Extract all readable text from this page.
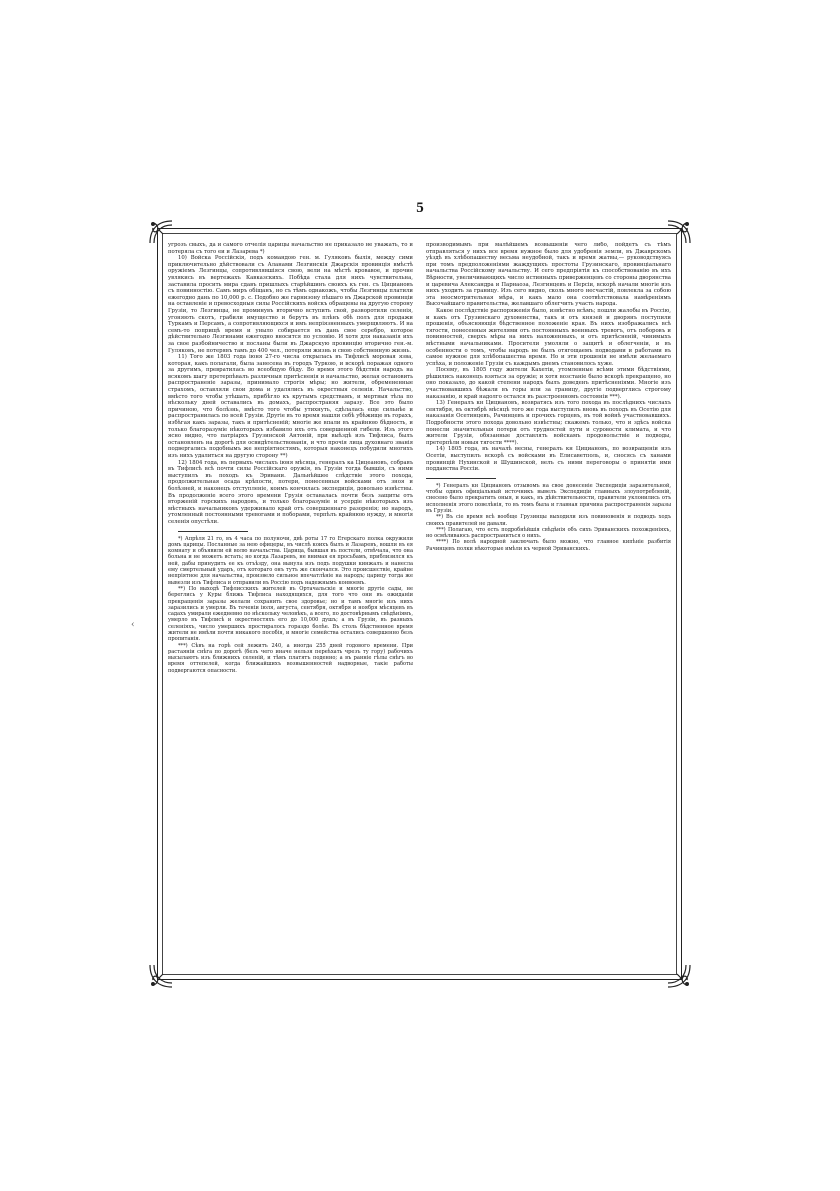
5

угрозъ свыхъ, да и самого отчелія царицы начальство не приказало не уважать, то и потеряла съ того еи и Лазарева *)

10) Войска Россійскія, подъ командою ген. м. Гуляковъ былія, между сими приключительно дѣйствовали съ Аланами Лезгинскія Джарскія провинція вмѣстѣ оружіемъ Лезгинцы, сопротивлявшіяся свою, вели на мѣстѣ кровавое, и прочие увлякись въ вертежахъ Кавказскихъ. Побѣда стала для нихъ чувствительна, заставила просить мира сдавъ пришлыхъ старѣйшинъ своихъ къ ген. съ Цициановъ съ повинностію. Самъ миръ обіщанъ, но съ тѣмъ однакожъ, чтобы Лезгинцы платили ежегодно дань по 10,000 р. с. Подобно же гарнизону пѣшаго въ Джарской провинціи на оставленіе и превосходныя силы Россійскихъ войскъ обращены на другую сторону Грузіи, то Лезгинцы, не проминувъ вторично вступить свой, разворотили селенія, угоняють скотъ, грабили имущество и берутъ въ плѣнъ обѣ полъ для продажи Туркамъ и Персамъ, а сопротивляющихся и имъ непріязненныхъ умерщвляютъ. И на семъ-то поприщѣ время и уныло собирается въ дань свое серебро, которое дѣйствительно Лезгинами ежегодно вносится по условію. И хотя для наказанія ихъ за свое разбойничество и посланы были въ Джарскую провинцію вторично ген.-м. Гуляковъ, не потерявъ тамъ до 400 чел., потеряли жизнь и свою собственную жизнь.

11) Того же 1803 года іюня 27-го числа открылась въ Тифлисѣ моровая язва, которая, какъ полагали, была занесена въ городъ Туркою, и вскорѣ поражая одного за другимъ, превратилась во всеобщую бѣду. Во время этого бѣдствія народъ на всякомъ шагу претерпѣвалъ различныя притѣсненія и начальство, желая остановить распространеніе заразы, принимало строгія мѣры; но жители, обремененные страхомъ, оставляли свои дома и удалялись въ окрестныя селенія. Начальство, вмѣсто того чтобы утѣшать, прибѣгло къ крутымъ средствамъ, и мертвыя тѣла по нѣскольку дней оставались въ домахъ, распространяя заразу. Все это было причиною, что болѣзнь, вмѣсто того чтобы утихнуть, сдѣлалась еще сильнѣе и распространилась по всей Грузіи. Другіе въ то время нашли себѣ убѣжище въ горахъ, избѣгая какъ заразы, такъ и притѣсненій; многіе же впали въ крайнюю бѣдность, и только благоразуміе нѣкоторыхъ избавило ихъ отъ совершенной гибели. Изъ этого ясно видно, что патріархъ Грузинской Антоній, при выѣздѣ изъ Тифлиса, былъ остановленъ на дорогѣ для освидѣтельствованія, и что прочія лица духовнаго званія подвергались подобнымъ же непріятностямъ, которыя наконецъ побудили многихъ изъ нихъ удалиться на другую сторону **)

12) 1804 года, въ первыхъ числахъ іюня мѣсяца, генералъ ка Цицеановъ, собравъ въ Тифлисѣ всѣ почти силы Россійскаго оружія, въ Грузіи тогда бывшія, съ ними выступилъ въ походъ къ Эривани. Дальнѣйшее слѣдствіе этого похода, продолжительная осада крѣпости, потери, понесенныя войсками отъ зноя и болѣзней, и наконецъ отступленіе, коимъ кончилась экспедиція, довольно извѣстны. Въ продолженіе всего этого времени Грузія оставалась почти безъ защиты отъ вторженій горскихъ народовъ, и только благоразуміе и усердіе нѣкоторыхъ изъ мѣстныхъ начальниковъ удерживало край отъ совершеннаго разоренія; но народъ, утомленный постоянными тревогами и поборами, терпѣлъ крайнюю нужду, и многія селенія опустѣли.

*) Апрѣля 21 го, въ 4 часа по полуночи, двѣ роты 17 го Егерскаго полка окружили домъ царицы. Посланные за нею офицеры, въ числѣ коихъ былъ и Лазаревъ, вошли въ ея комнату и объявили ей волю начальства. Царица, бывшая въ постели, отвѣчала, что она больна и не можетъ встать; но когда Лазаревъ, не внимая ея просьбамъ, приблизился къ ней, дабы принудить ее къ отъѣзду, она вынула изъ подъ подушки кинжалъ и нанесла ему смертельный ударъ, отъ котораго онъ тутъ же скончался. Это происшествіе, крайне непріятное для начальства, произвело сильное впечатлѣніе на народъ; царицу тогда же вывезли изъ Тифлиса и отправили въ Россію подъ надежнымъ конвоемъ.

**) По выходѣ Тифлисскихъ жителей въ Ортачальскіе и многіе другіе сады, не береглись у Куры ближь Тифлиса находящихся, для того что они въ ожиданіи прекращенія заразы желали сохранить свое здоровье; но и тамъ многіе изъ нихъ заразились и умерли. Въ теченіи іюля, августа, сентября, октября и ноября мѣсяцевъ въ садахъ умирали ежедневно по нѣскольку человѣкъ, а всего, по достовѣрнымъ свѣдѣніямъ, умерло въ Тифлисѣ и окрестностяхъ его до 10,000 душъ; а въ Грузіи, въ разныхъ селеніяхъ, число умершихъ простиралось гораздо болѣе. Въ столь бѣдственное время жители не имѣли почти никакого пособія, и многіе семейства остались совершенно безъ пропитанія.

***) Сѣвъ на горѣ сей лежитъ 240, а иногда 255 дней годового времени. При растаяніи снѣга по дорогѣ (безъ чего иначе нельзя переѣхать чрезъ ту гору) рабочихъ высылаютъ изъ ближнихъ селеній, и тѣмъ платятъ поденно; а въ ранніе гѣлы снѣгъ во время оттепелей, когда ближайшихъ возвышенностей надворные, такіе работы подвергаются опасности.

производимымъ при малѣйшемъ возвышеніи чего либо, пойдетъ съ тѣмъ отправляться у нихъ все время нужное было для удобренія земли, въ Джаврскомъ уѣздѣ въ хлѣбопашеству весьма неудобной, такъ и время жатвы,— руководствуясь при томъ предположеніями жаждущихъ простоты Грузинскаго, провинціальнаго начальства Россійскому начальству. И сего предпріятія къ способствованію въ ихъ Вѣрности, увеличивающихъ число истинныхъ приверженцевъ со стороны дворянства и царевича Александра и Парнаоза, Лезгинцевъ и Персіи, вскорѣ начали многіе изъ нихъ уходить за границу. Изъ сего видно, сколь много несчастій, повлекла за собою эта неосмотрительная мѣра, и какъ мало она соотвѣтствовала намѣреніямъ Высочайшаго правительства, желавшаго облегчить участь народа.

Какое послѣдствіе распоряженія было, извѣстно всѣмъ; пошли жалобы въ Россію, и какъ отъ Грузинскаго духовенства, такъ и отъ князей и дворянъ поступили прошенія, объясняющія бѣдственное положеніе края. Въ нихъ изображались всѣ тягости, понесенныя жителями отъ постоянныхъ военныхъ тревогъ, отъ поборовъ и повинностей, сверхъ мѣры на нихъ наложенныхъ, и отъ притѣсненій, чинимыхъ мѣстными начальниками. Просители умоляли о защитѣ и облегченіи, и въ особенности о томъ, чтобы народъ не былъ отягощаемъ подводами и работами въ самое нужное для хлѣбопашества время. Но и эти прошенія не имѣли желаемаго успѣха, и положеніе Грузіи съ каждымъ днемъ становилось хуже.

Посему, въ 1805 году жители Кахетіи, утомленные всѣми этими бѣдствіями, рѣшились наконецъ взяться за оружіе; и хотя возстаніе было вскорѣ прекращено, но оно показало, до какой степени народъ былъ доведенъ притѣсненіями. Многіе изъ участвовавшихъ бѣжали въ горы или за границу, другіе подверглись строгому наказанію, и край надолго остался въ разстроенномъ состояніи ***).

13) Генералъ кн Цициановъ, возвратясь изъ того похода въ послѣднихъ числахъ сентября, въ октябрѣ мѣсяцѣ того же года выступилъ вновь въ походъ въ Осетію для наказанія Осетинцевъ, Рачинцевъ и прочихъ горцевъ, въ той войнѣ участвовавшихъ. Подробности этого похода довольно извѣстны; скажемъ только, что и здѣсь войска понесли значительныя потери отъ трудностей пути и суровости климата, и что жители Грузіи, обязанные доставлять войскамъ продовольствіе и подводы, претерпѣли новыя тягости ****).

14) 1805 года, въ началѣ весны, генералъ кн Цициановъ, по возвращеніи изъ Осетіи, выступилъ вскорѣ съ войсками въ Елисаветполь, и, сносясь съ ханами провинцій Нухинской и Шушинской, велъ съ ними переговоры о принятіи ими подданства Россіи.

*) Генералъ кн Цициановъ отзывомъ на свое донесеніе Экспедиціи заразительной, чтобы одинъ офиціальный источникъ вывелъ Экспедиціи главныхъ злоупотребленій, снесено было прекратить оныя, и какъ, въ дѣйствительности, правители уклонились отъ исполненія этого повелѣнія, то въ томъ была и главная причина распространенія заразы въ Грузіи.

**) Въ сіе время всѣ вообще Грузинцы выходили изъ повиновенія и подводъ ходъ своихъ правителей не давали.

***) Полагаю, что есть подробнѣйшія свѣдѣнія объ сихъ Эриванскихъ похожденіяхъ, но осмѣливаюсь распространиться о нихъ.

****) По волѣ народной заключать было можно, что главное кипѣніе разбитія Рачинцевъ полки нѣкоторые имѣли къ черной Эриванскихъ.

‹
